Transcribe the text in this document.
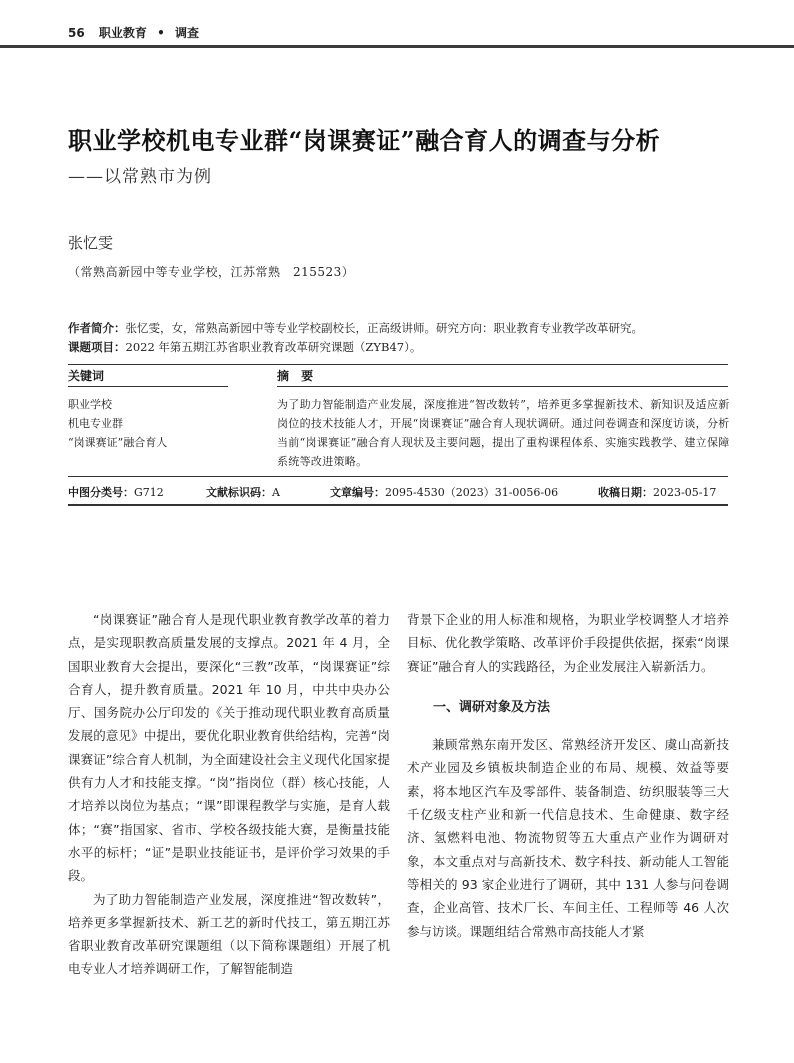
56 职业教育 • 调查
职业学校机电专业群“岗课赛证”融合育人的调查与分析
——以常熟市为例
张忆雯
（常熟高新园中等专业学校，江苏常熟　215523）
作者简介：张忆雯，女，常熟高新园中等专业学校副校长，正高级讲师。研究方向：职业教育专业教学改革研究。
课题项目：2022 年第五期江苏省职业教育改革研究课题（ZYB47）。
关键词	摘 要
职业学校
机电专业群
“岗课赛证”融合育人
为了助力智能制造产业发展，深度推进“智改数转”，培养更多掌握新技术、新知识及适应新岗位的技术技能人才，开展“岗课赛证”融合育人现状调研。通过问卷调查和深度访谈，分析当前“岗课赛证”融合育人现状及主要问题，提出了重构课程体系、实施实践教学、建立保障系统等改进策略。
中图分类号：G712	文献标识码：A	文章编号：2095-4530（2023）31-0056-06	收稿日期：2023-05-17

“岗课赛证”融合育人是现代职业教育教学改革的着力点，是实现职教高质量发展的支撑点。2021 年 4 月，全国职业教育大会提出，要深化“三教”改革，“岗课赛证”综合育人，提升教育质量。2021 年 10 月，中共中央办公厅、国务院办公厅印发的《关于推动现代职业教育高质量发展的意见》中提出，要优化职业教育供给结构，完善“岗课赛证”综合育人机制，为全面建设社会主义现代化国家提供有力人才和技能支撑。“岗”指岗位（群）核心技能，人才培养以岗位为基点；“课”即课程教学与实施，是育人载体；“赛”指国家、省市、学校各级技能大赛，是衡量技能水平的标杆；“证”是职业技能证书，是评价学习效果的手段。

为了助力智能制造产业发展，深度推进“智改数转”，培养更多掌握新技术、新工艺的新时代技工，第五期江苏省职业教育改革研究课题组（以下简称课题组）开展了机电专业人才培养调研工作，了解智能制造

背景下企业的用人标准和规格，为职业学校调整人才培养目标、优化教学策略、改革评价手段提供依据，探索“岗课赛证”融合育人的实践路径，为企业发展注入崭新活力。

一、调研对象及方法

兼顾常熟东南开发区、常熟经济开发区、虞山高新技术产业园及乡镇板块制造企业的布局、规模、效益等要素，将本地区汽车及零部件、装备制造、纺织服装等三大千亿级支柱产业和新一代信息技术、生命健康、数字经济、氢燃料电池、物流物贸等五大重点产业作为调研对象，本文重点对与高新技术、数字科技、新动能人工智能等相关的 93 家企业进行了调研，其中 131 人参与问卷调查，企业高管、技术厂长、车间主任、工程师等 46 人次参与访谈。课题组结合常熟市高技能人才紧
